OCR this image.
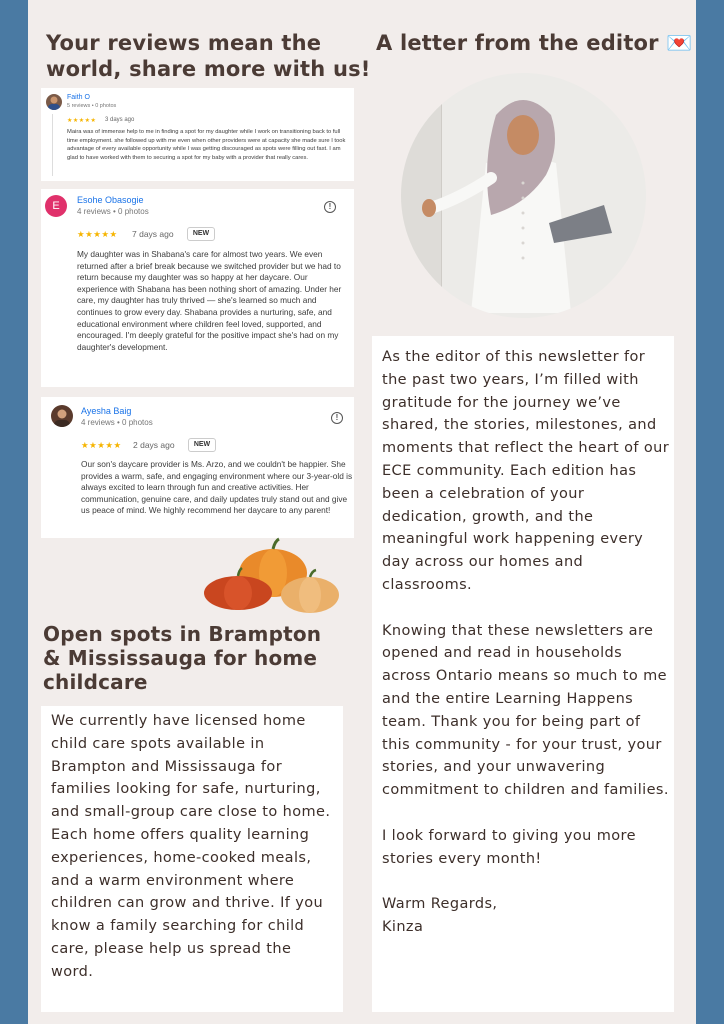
Your reviews mean the world, share more with us!
Faith O
5 reviews • 0 photos
★★★★★ 3 days ago
Maira was of immense help to me in finding a spot for my daughter while I work on transitioning back to full time employment. she followed up with me even when other providers were at capacity she made sure I took advantage of every available opportunity while I was getting discouraged as spots were filling out fast. I am glad to have worked with them to securing a spot for my baby with a provider that really cares.
E	Esohe Obasogie
4 reviews • 0 photos
!
★★★★★ 7 days ago	NEW
My daughter was in Shabana's care for almost two years. We even returned after a brief break because we switched provider but we had to return because my daughter was so happy at her daycare. Our experience with Shabana has been nothing short of amazing. Under her care, my daughter has truly thrived — she's learned so much and continues to grow every day. Shabana provides a nurturing, safe, and educational environment where children feel loved, supported, and encouraged. I'm deeply grateful for the positive impact she's had on my daughter's development.
Ayesha Baig
4 reviews • 0 photos
!
★★★★★ 2 days ago	NEW
Our son's daycare provider is Ms. Arzo, and we couldn't be happier. She provides a warm, safe, and engaging environment where our 3-year-old is always excited to learn through fun and creative activities. Her communication, genuine care, and daily updates truly stand out and give us peace of mind. We highly recommend her daycare to any parent!
Open spots in Brampton & Mississauga for home childcare

We currently have licensed home child care spots available in Brampton and Mississauga for families looking for safe, nurturing, and small-group care close to home. Each home offers quality learning experiences, home-cooked meals, and a warm environment where children can grow and thrive. If you know a family searching for child care, please help us spread the word.

A letter from the editor 💌

As the editor of this newsletter for the past two years, I’m filled with gratitude for the journey we’ve shared, the stories, milestones, and moments that reflect the heart of our ECE community. Each edition has been a celebration of your dedication, growth, and the meaningful work happening every day across our homes and classrooms.

Knowing that these newsletters are opened and read in households across Ontario means so much to me and the entire Learning Happens team. Thank you for being part of this community - for your trust, your stories, and your unwavering commitment to children and families.

I look forward to giving you more stories every month!

Warm Regards,

Kinza
